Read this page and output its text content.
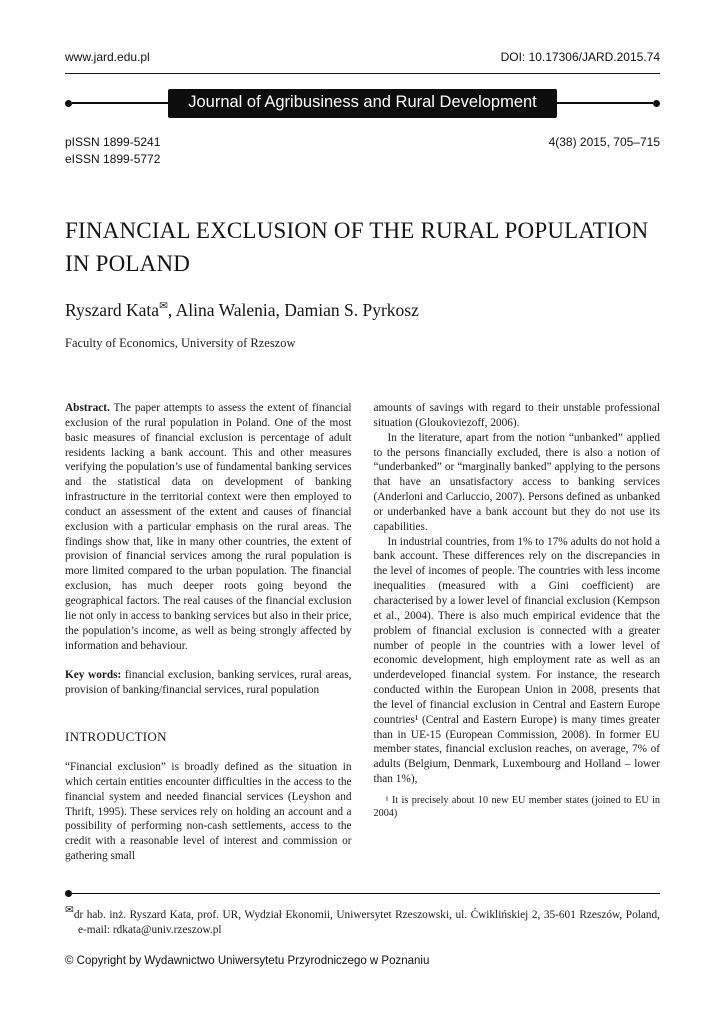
www.jard.edu.pl	DOI: 10.17306/JARD.2015.74
Journal of Agribusiness and Rural Development
pISSN 1899-5241
eISSN 1899-5772
4(38) 2015, 705–715
FINANCIAL EXCLUSION OF THE RURAL POPULATION
IN POLAND
Ryszard Kata✉, Alina Walenia, Damian S. Pyrkosz
Faculty of Economics, University of Rzeszow

Abstract. The paper attempts to assess the extent of financial exclusion of the rural population in Poland. One of the most basic measures of financial exclusion is percentage of adult residents lacking a bank account. This and other measures verifying the population’s use of fundamental banking services and the statistical data on development of banking infrastructure in the territorial context were then employed to conduct an assessment of the extent and causes of financial exclusion with a particular emphasis on the rural areas. The findings show that, like in many other countries, the extent of provision of financial services among the rural population is more limited compared to the urban population. The financial exclusion, has much deeper roots going beyond the geographical factors. The real causes of the financial exclusion lie not only in access to banking services but also in their price, the population’s income, as well as being strongly affected by information and behaviour.

Key words: financial exclusion, banking services, rural areas, provision of banking/financial services, rural population

INTRODUCTION

“Financial exclusion” is broadly defined as the situation in which certain entities encounter difficulties in the access to the financial system and needed financial services (Leyshon and Thrift, 1995). These services rely on holding an account and a possibility of performing non-cash settlements, access to the credit with a reasonable level of interest and commission or gathering small

amounts of savings with regard to their unstable professional situation (Gloukoviezoff, 2006).

In the literature, apart from the notion “unbanked” applied to the persons financially excluded, there is also a notion of “underbanked” or “marginally banked” applying to the persons that have an unsatisfactory access to banking services (Anderloni and Carluccio, 2007). Persons defined as unbanked or underbanked have a bank account but they do not use its capabilities.

In industrial countries, from 1% to 17% adults do not hold a bank account. These differences rely on the discrepancies in the level of incomes of people. The countries with less income inequalities (measured with a Gini coefficient) are characterised by a lower level of financial exclusion (Kempson et al., 2004). There is also much empirical evidence that the problem of financial exclusion is connected with a greater number of people in the countries with a lower level of economic development, high employment rate as well as an underdeveloped financial system. For instance, the research conducted within the European Union in 2008, presents that the level of financial exclusion in Central and Eastern Europe countries¹ (Central and Eastern Europe) is many times greater than in UE-15 (European Commission, 2008). In former EU member states, financial exclusion reaches, on average, 7% of adults (Belgium, Denmark, Luxembourg and Holland – lower than 1%),

¹ It is precisely about 10 new EU member states (joined to EU in 2004)

✉dr hab. inż. Ryszard Kata, prof. UR, Wydział Ekonomii, Uniwersytet Rzeszowski, ul. Ćwiklińskiej 2, 35-601 Rzeszów, Poland, e-mail: rdkata@univ.rzeszow.pl

© Copyright by Wydawnictwo Uniwersytetu Przyrodniczego w Poznaniu
